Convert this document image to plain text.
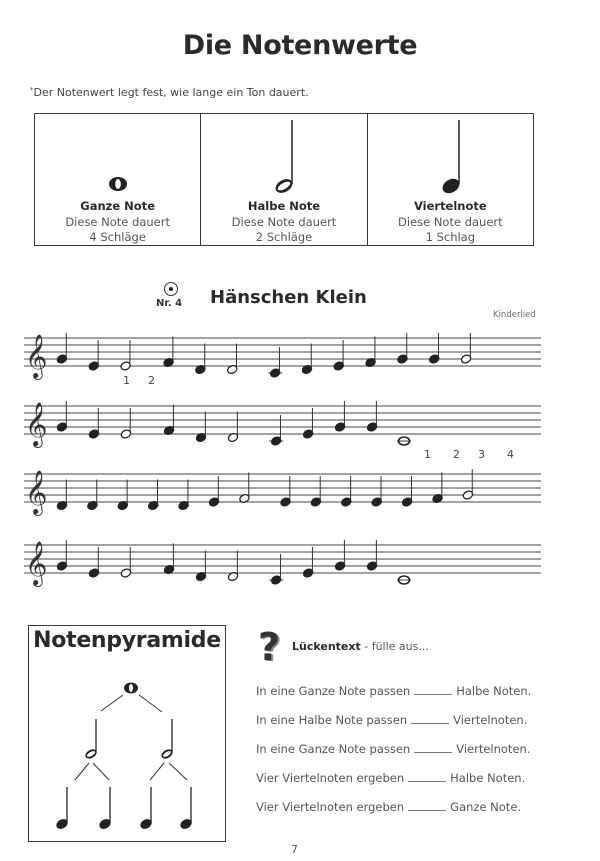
Die Notenwerte
*Der Notenwert legt fest, wie lange ein Ton dauert.
Ganze Note
Diese Note dauert
4 Schläge
Halbe Note
Diese Note dauert
2 Schläge
Viertelnote
Diese Note dauert
1 Schlag
Nr. 4 Hänschen Klein
Kinderlied
𝄞
𝄞
𝄞
𝄞
1 2
1 2 3 4
Notenpyramide ? Lückentext - fülle aus...
In eine Ganze Note passen	Halbe Noten.
In eine Halbe Note passen	Viertelnoten.
In eine Ganze Note passen	Viertelnoten.
Vier Viertelnoten ergeben	Halbe Noten.
Vier Viertelnoten ergeben	Ganze Note.
7
